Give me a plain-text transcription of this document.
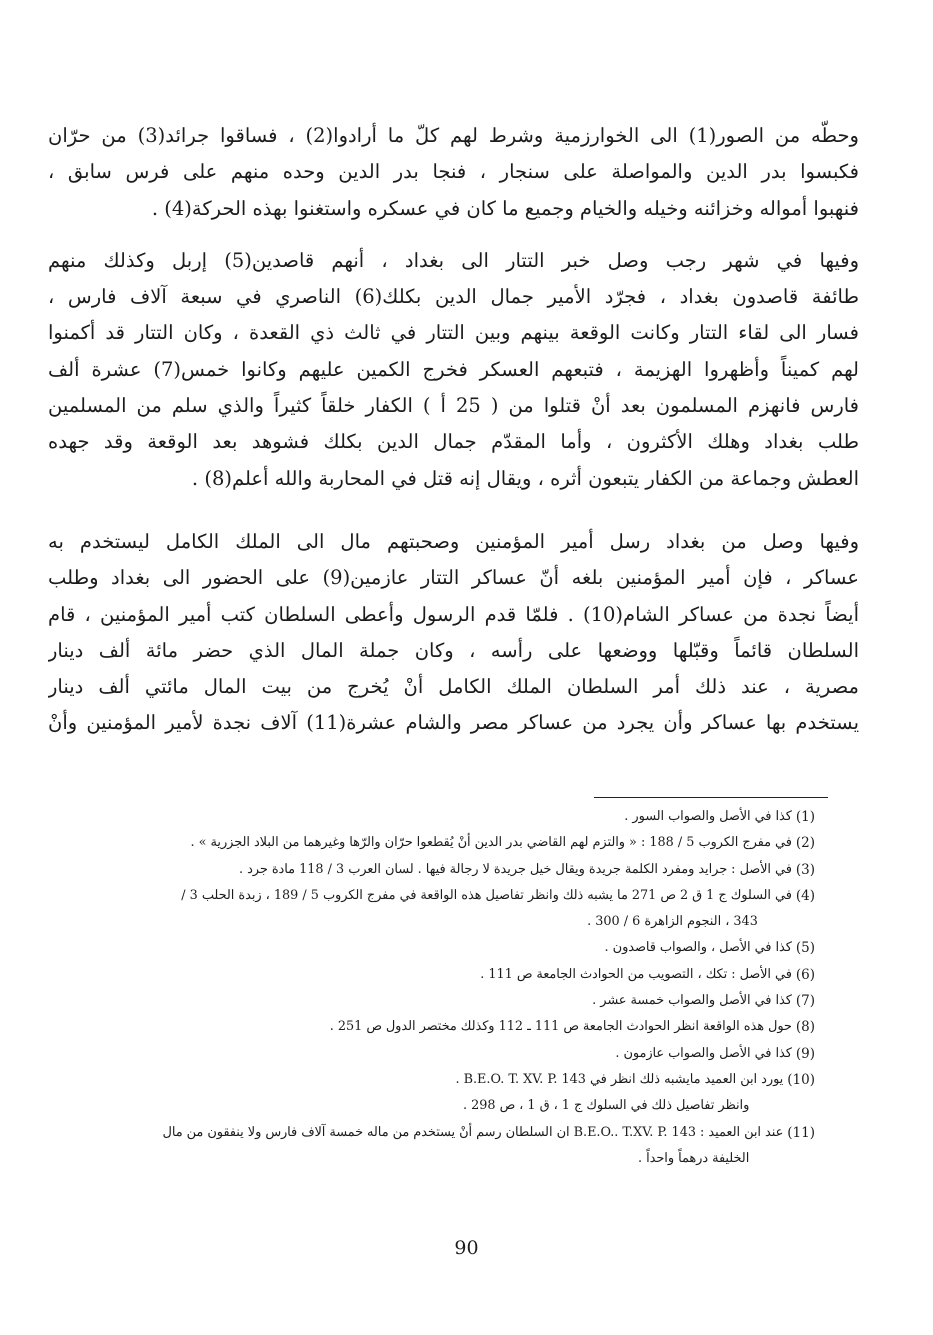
وحطّه من الصور(1) الى الخوارزمية وشرط لهم كلّ ما أرادوا(2) ، فساقوا جرائد(3) من حرّان

فكبسوا بدر الدين والمواصلة على سنجار ، فنجا بدر الدين وحده منهم على فرس سابق ،

فنهبوا أمواله وخزائنه وخيله والخيام وجميع ما كان في عسكره واستغنوا بهذه الحركة(4) .

وفيها في شهر رجب وصل خبر التتار الى بغداد ، أنهم قاصدين(5) إربل وكذلك منهم

طائفة قاصدون بغداد ، فجرّد الأمير جمال الدين بكلك(6) الناصري في سبعة آلاف فارس ،

فسار الى لقاء التتار وكانت الوقعة بينهم وبين التتار في ثالث ذي القعدة ، وكان التتار قد أكمنوا

لهم كميناً وأظهروا الهزيمة ، فتبعهم العسكر فخرج الكمين عليهم وكانوا خمس(7) عشرة ألف

فارس فانهزم المسلمون بعد أنْ قتلوا من ( 25 أ ) الكفار خلقاً كثيراً والذي سلم من المسلمين

طلب بغداد وهلك الأكثرون ، وأما المقدّم جمال الدين بكلك فشوهد بعد الوقعة وقد جهده

العطش وجماعة من الكفار يتبعون أثره ، ويقال إنه قتل في المحاربة والله أعلم(8) .

وفيها وصل من بغداد رسل أمير المؤمنين وصحبتهم مال الى الملك الكامل ليستخدم به

عساكر ، فإن أمير المؤمنين بلغه أنّ عساكر التتار عازمين(9) على الحضور الى بغداد وطلب

أيضاً نجدة من عساكر الشام(10) . فلمّا قدم الرسول وأعطى السلطان كتب أمير المؤمنين ، قام

السلطان قائماً وقبّلها ووضعها على رأسه ، وكان جملة المال الذي حضر مائة ألف دينار

مصرية ، عند ذلك أمر السلطان الملك الكامل أنْ يُخرج من بيت المال مائتي ألف دينار

يستخدم بها عساكر وأن يجرد من عساكر مصر والشام عشرة(11) آلاف نجدة لأمير المؤمنين وأنْ

(1)
كذا في الأصل والصواب السور .
(2)
في مفرج الكروب 5 / 188 : « والتزم لهم القاضي بدر الدين أنْ يُقطعوا حرّان والرّها وغيرهما من البلاد الجزرية » .
(3)
في الأصل : جرايد ومفرد الكلمة جريدة ويقال خيل جريدة لا رجالة فيها . لسان العرب 3 / 118 مادة جرد .
(4)
في السلوك ج 1 ق 2 ص 271 ما يشبه ذلك وانظر تفاصيل هذه الواقعة في مفرج الكروب 5 / 189 ، زبدة الحلب 3 /
343 ، النجوم الزاهرة 6 / 300 .
(5)
كذا في الأصل ، والصواب قاصدون .
(6)
في الأصل : تكك ، التصويب من الحوادث الجامعة ص 111 .
(7)
كذا في الأصل والصواب خمسة عشر .
(8)
حول هذه الواقعة انظر الحوادث الجامعة ص 111 ـ 112 وكذلك مختصر الدول ص 251 .
(9)
كذا في الأصل والصواب عازمون .
(10)
يورد ابن العميد مايشبه ذلك انظر في B.E.O. T. XV. P. 143 .
وانظر تفاصيل ذلك في السلوك ج 1 ، ق 1 ، ص 298 .
(11)
عند ابن العميد : B.E.O.. T.XV. P. 143 ان السلطان رسم أنْ يستخدم من ماله خمسة آلاف فارس ولا ينفقون من مال
الخليفة درهماً واحداً .
90
